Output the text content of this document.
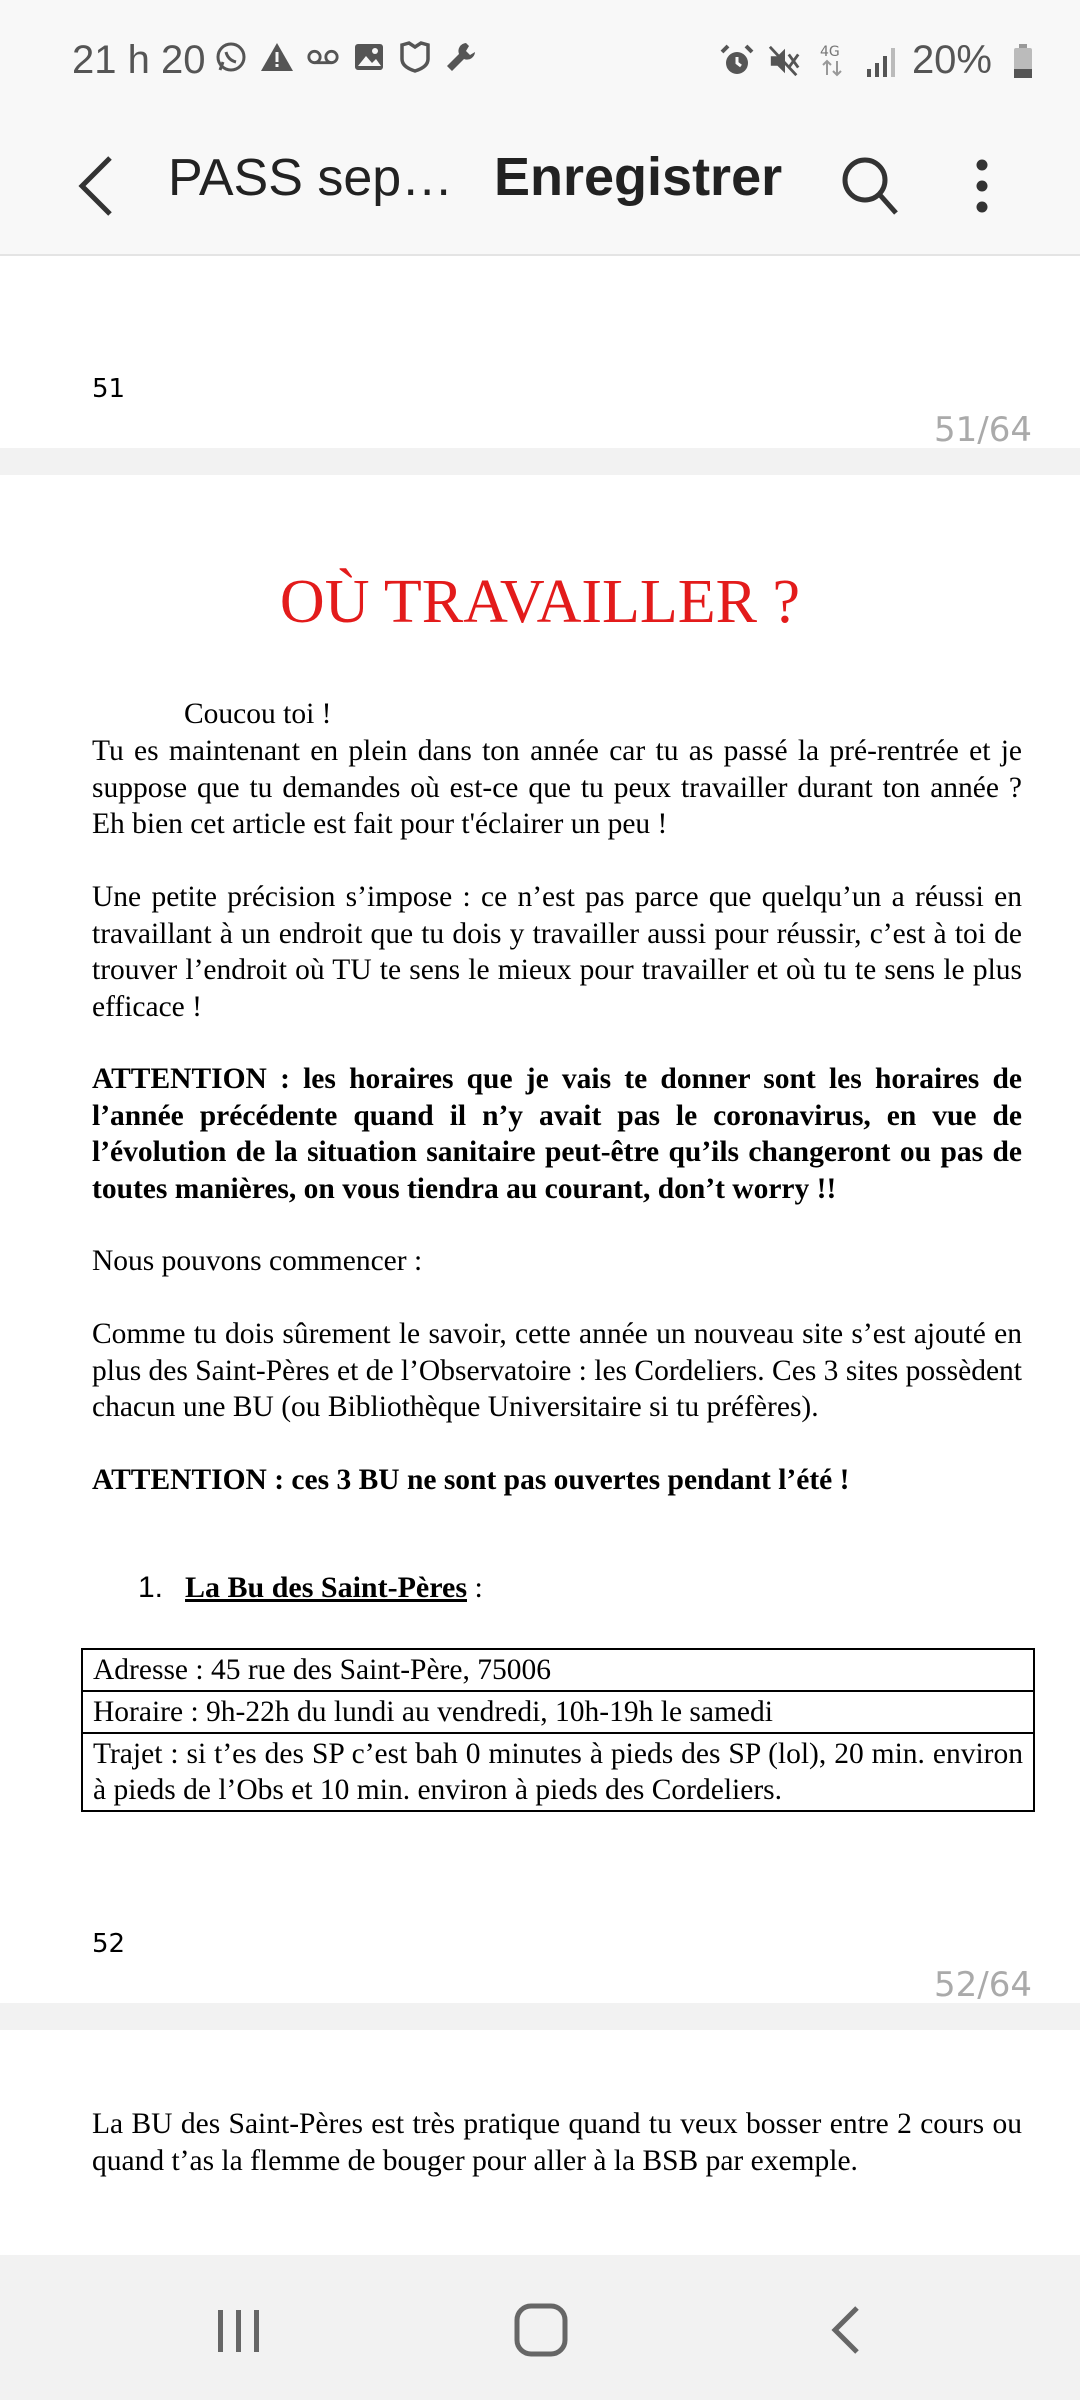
21 h 20	4G 20%
PASS sep… Enregistrer
51
51/64
OÙ TRAVAILLER ?
Coucou toi !
Tu es maintenant en plein dans ton année car tu as passé la pré-rentrée et je suppose que tu demandes où est-ce que tu peux travailler durant ton année ? Eh bien cet article est fait pour t'éclairer un peu !
Une petite précision s’impose : ce n’est pas parce que quelqu’un a réussi en travaillant à un endroit que tu dois y travailler aussi pour réussir, c’est à toi de trouver l’endroit où TU te sens le mieux pour travailler et où tu te sens le plus efficace !
ATTENTION : les horaires que je vais te donner sont les horaires de l’année précédente quand il n’y avait pas le coronavirus, en vue de l’évolution de la situation sanitaire peut-être qu’ils changeront ou pas de toutes manières, on vous tiendra au courant, don’t worry !!
Nous pouvons commencer :
Comme tu dois sûrement le savoir, cette année un nouveau site s’est ajouté en plus des Saint-Pères et de l’Observatoire : les Cordeliers. Ces 3 sites possèdent chacun une BU (ou Bibliothèque Universitaire si tu préfères).
ATTENTION : ces 3 BU ne sont pas ouvertes pendant l’été !
1. La Bu des Saint-Pères :
Adresse : 45 rue des Saint-Père, 75006
Horaire : 9h-22h du lundi au vendredi, 10h-19h le samedi
Trajet : si t’es des SP c’est bah 0 minutes à pieds des SP (lol), 20 min. environ à pieds de l’Obs et 10 min. environ à pieds des Cordeliers.
52
52/64
La BU des Saint-Pères est très pratique quand tu veux bosser entre 2 cours ou quand t’as la flemme de bouger pour aller à la BSB par exemple.
